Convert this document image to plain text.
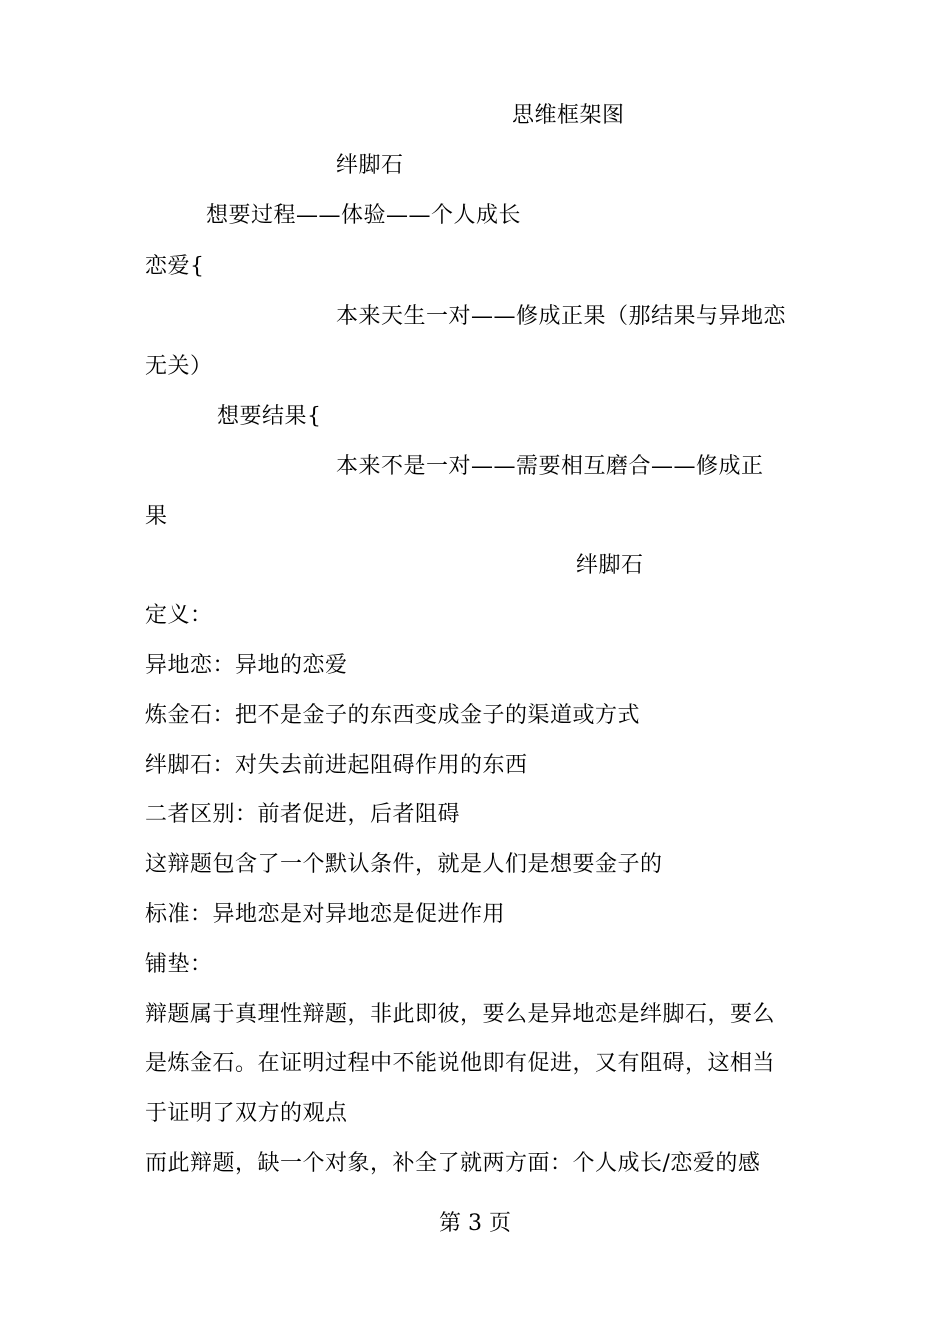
思维框架图
绊脚石
想要过程——体验——个人成长
恋爱{
本来天生一对——修成正果（那结果与异地恋
无关）
想要结果{
本来不是一对——需要相互磨合——修成正
果
绊脚石
定义：
异地恋：异地的恋爱
炼金石：把不是金子的东西变成金子的渠道或方式
绊脚石：对失去前进起阻碍作用的东西
二者区别：前者促进，后者阻碍
这辩题包含了一个默认条件，就是人们是想要金子的
标准：异地恋是对异地恋是促进作用
铺垫：
辩题属于真理性辩题，非此即彼，要么是异地恋是绊脚石，要么
是炼金石。在证明过程中不能说他即有促进，又有阻碍，这相当
于证明了双方的观点
而此辩题，缺一个对象，补全了就两方面：个人成长/恋爱的感
第 3 页
